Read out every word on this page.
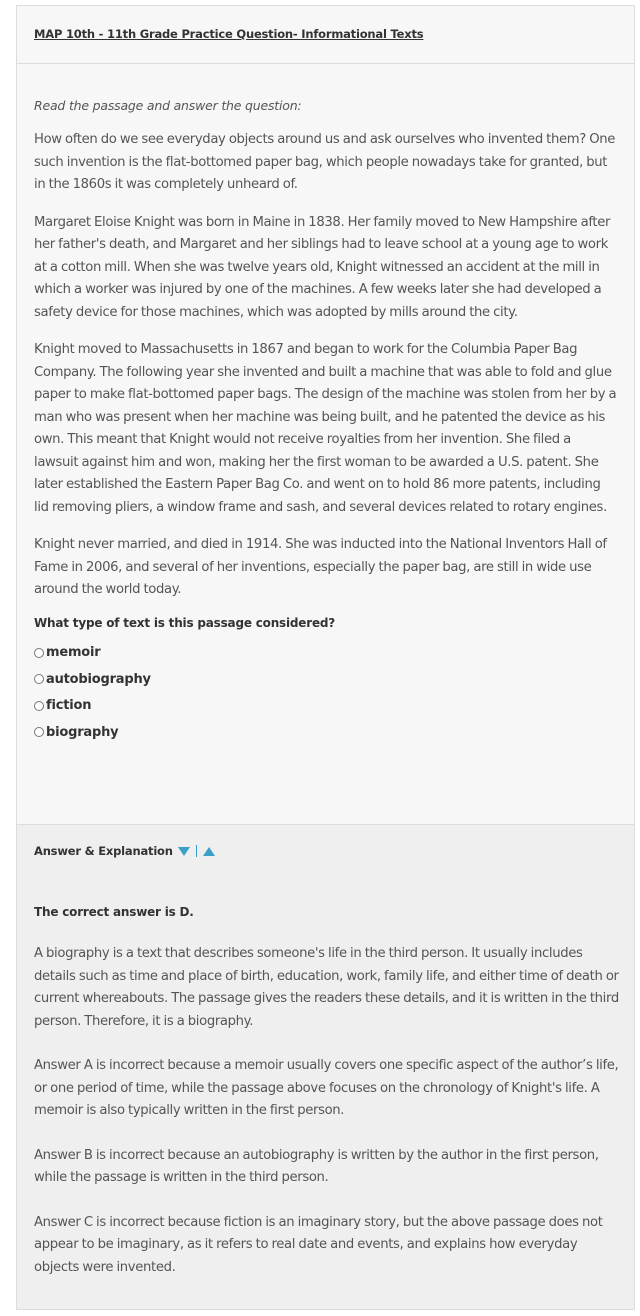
MAP 10th - 11th Grade Practice Question- Informational Texts

Read the passage and answer the question:

How often do we see everyday objects around us and ask ourselves who invented them? One such invention is the flat-bottomed paper bag, which people nowadays take for granted, but in the 1860s it was completely unheard of.

Margaret Eloise Knight was born in Maine in 1838. Her family moved to New Hampshire after her father's death, and Margaret and her siblings had to leave school at a young age to work at a cotton mill. When she was twelve years old, Knight witnessed an accident at the mill in which a worker was injured by one of the machines. A few weeks later she had developed a safety device for those machines, which was adopted by mills around the city.

Knight moved to Massachusetts in 1867 and began to work for the Columbia Paper Bag Company. The following year she invented and built a machine that was able to fold and glue paper to make flat-bottomed paper bags. The design of the machine was stolen from her by a man who was present when her machine was being built, and he patented the device as his own. This meant that Knight would not receive royalties from her invention. She filed a lawsuit against him and won, making her the first woman to be awarded a U.S. patent. She later established the Eastern Paper Bag Co. and went on to hold 86 more patents, including lid removing pliers, a window frame and sash, and several devices related to rotary engines.

Knight never married, and died in 1914. She was inducted into the National Inventors Hall of Fame in 2006, and several of her inventions, especially the paper bag, are still in wide use around the world today.

What type of text is this passage considered?

memoir
autobiography
fiction
biography
Answer & Explanation

The correct answer is D.

A biography is a text that describes someone's life in the third person. It usually includes details such as time and place of birth, education, work, family life, and either time of death or current whereabouts. The passage gives the readers these details, and it is written in the third person. Therefore, it is a biography.

Answer A is incorrect because a memoir usually covers one specific aspect of the author’s life, or one period of time, while the passage above focuses on the chronology of Knight's life. A memoir is also typically written in the first person.

Answer B is incorrect because an autobiography is written by the author in the first person, while the passage is written in the third person.

Answer C is incorrect because fiction is an imaginary story, but the above passage does not appear to be imaginary, as it refers to real date and events, and explains how everyday objects were invented.
